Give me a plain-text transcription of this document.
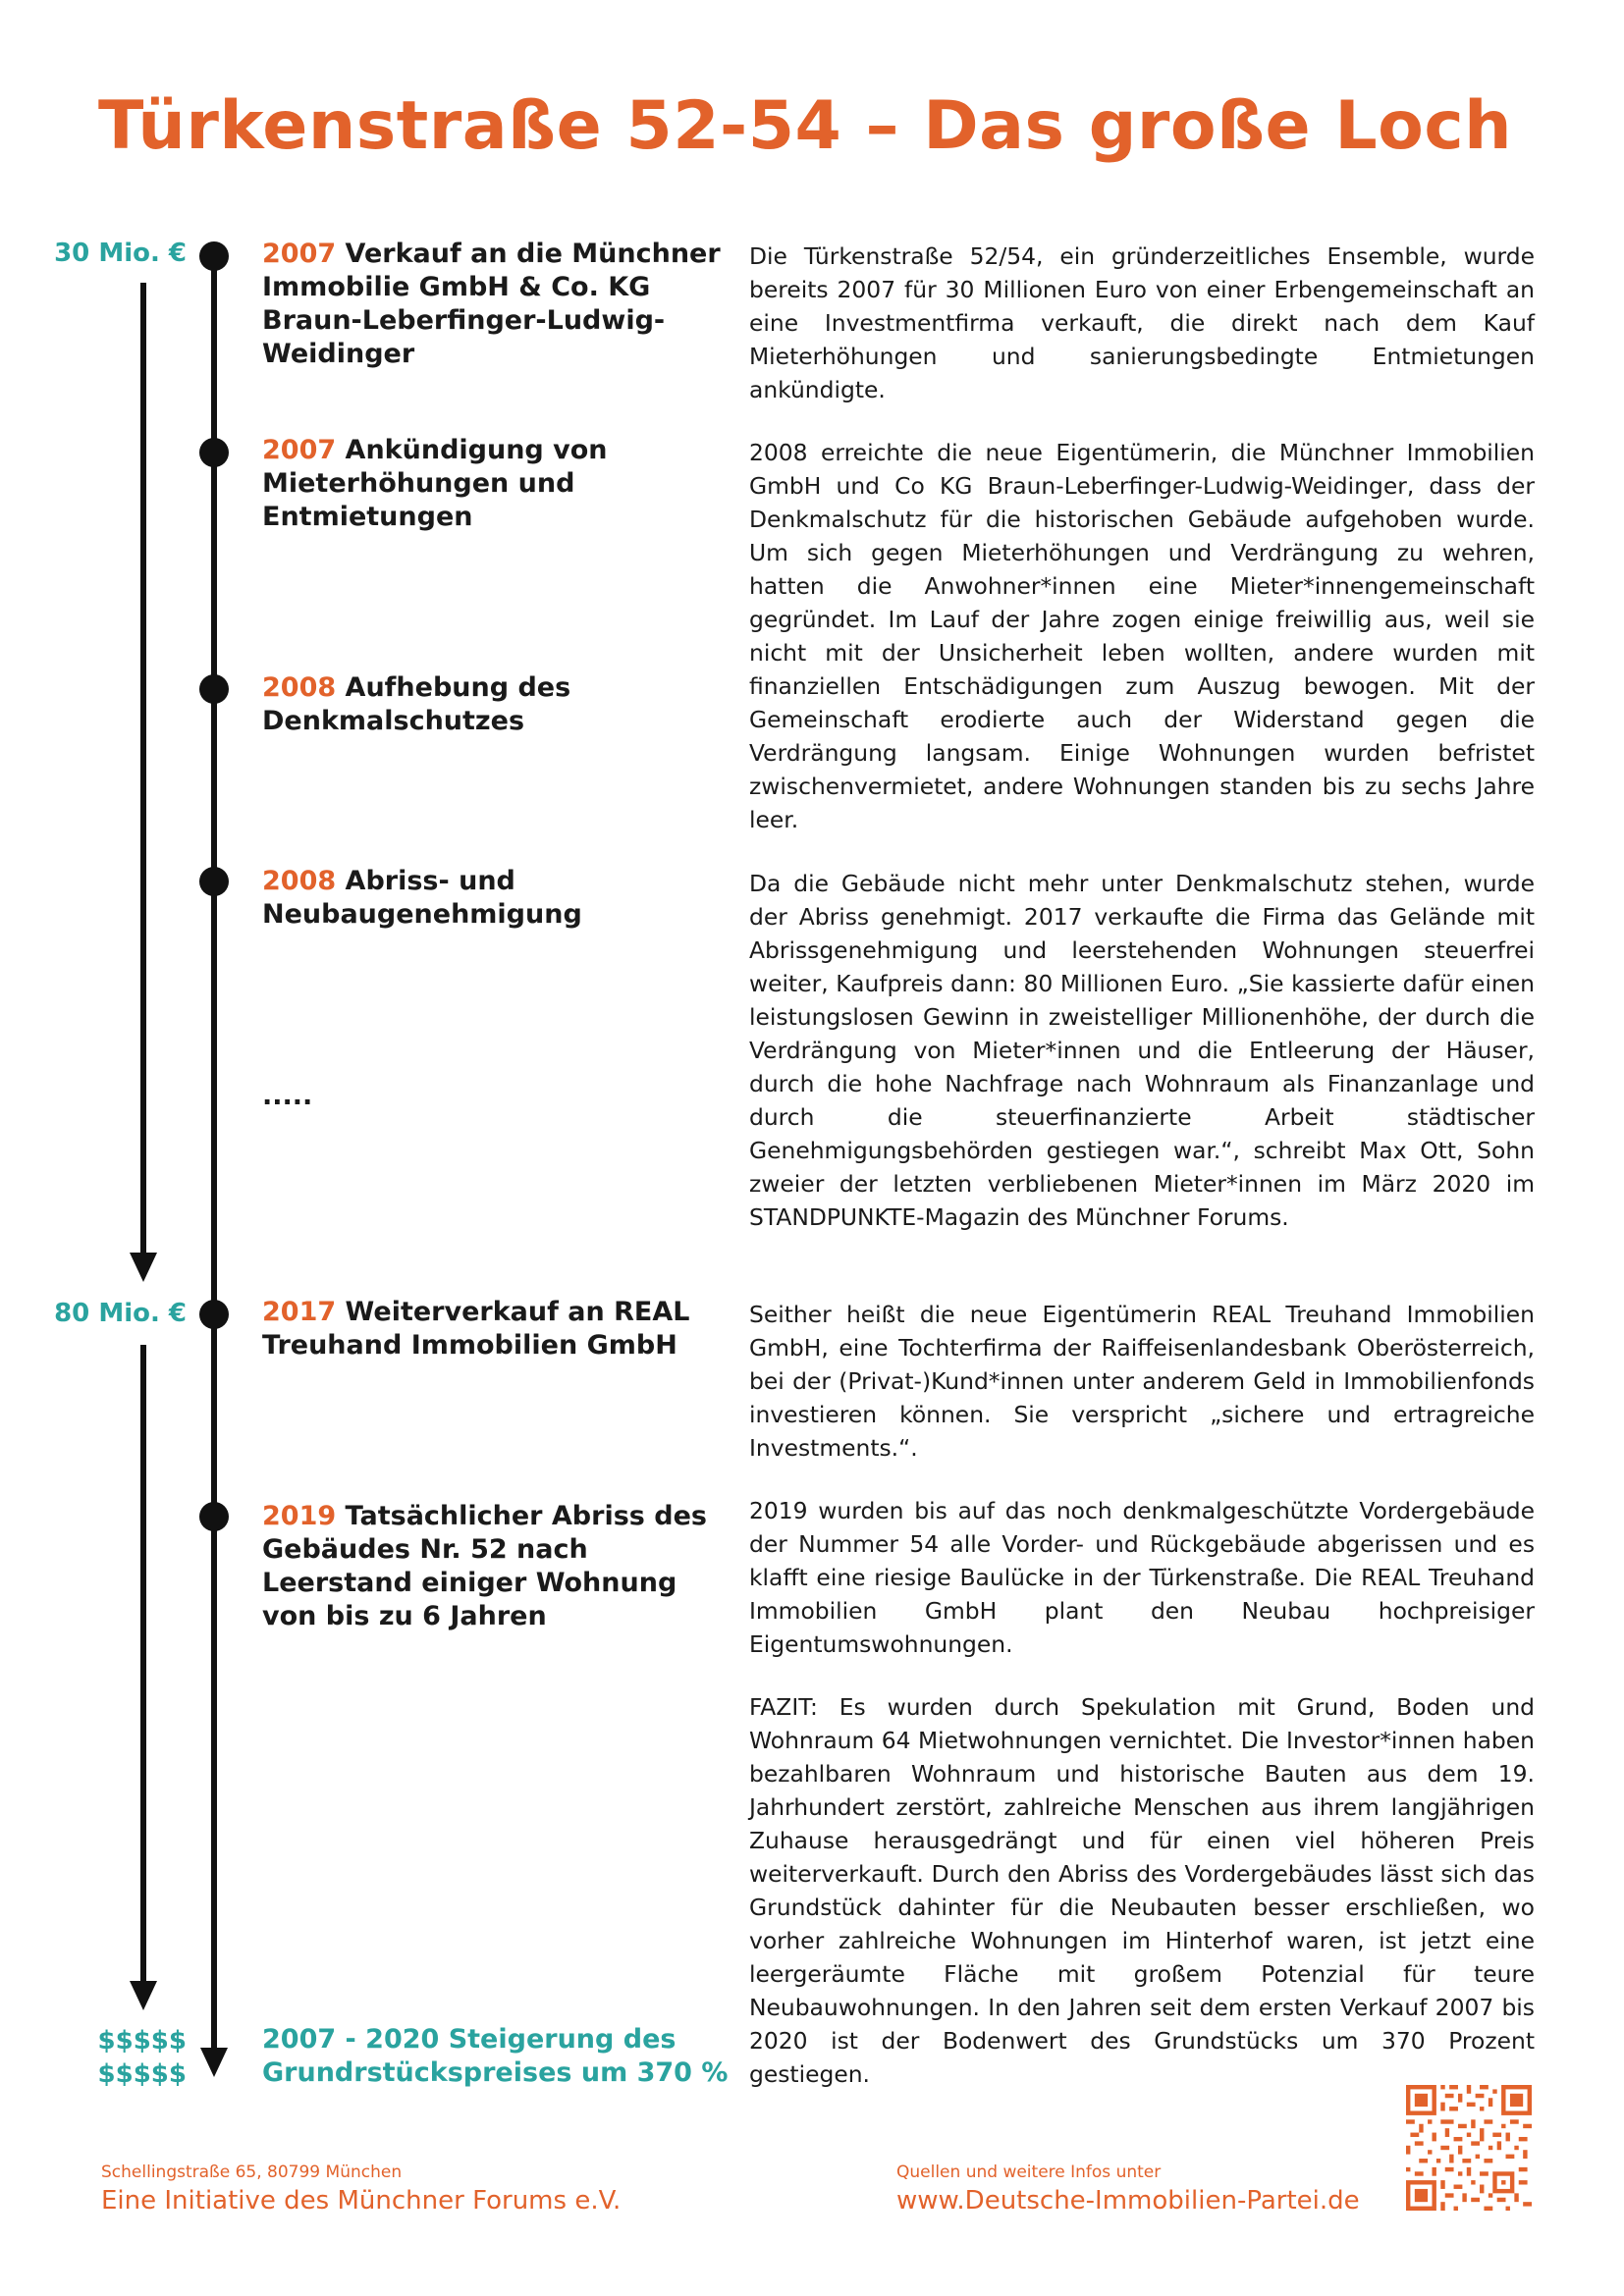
Türkenstraße 52-54 – Das große Loch
30 Mio. €
80 Mio. €
$$$$$
$$$$$
2007 Verkauf an die Münchner Immobilie GmbH & Co. KG Braun-Leberfinger-Ludwig-Weidinger
2007 Ankündigung von Mieterhöhungen und Entmietungen
2008 Aufhebung des Denkmalschutzes
2008 Abriss- und Neubaugenehmigung
.....
2017 Weiterverkauf an REAL Treuhand Immobilien GmbH
2019 Tatsächlicher Abriss des Gebäudes Nr. 52 nach Leerstand einiger Wohnung von bis zu 6 Jahren
2007 - 2020 Steigerung des Grundrstückspreises um 370 %

Die Türkenstraße 52/54, ein gründerzeitliches Ensemble, wurde bereits 2007 für 30 Millionen Euro von einer Erbengemeinschaft an eine Investmentfirma verkauft, die direkt nach dem Kauf Mieterhöhungen und sanierungsbedingte Entmietungen ankündigte.

2008 erreichte die neue Eigentümerin, die Münchner Immobilien GmbH und Co KG Braun-Leberfinger-Ludwig-Weidinger, dass der Denkmalschutz für die historischen Gebäude aufgehoben wurde. Um sich gegen Mieterhöhungen und Verdrängung zu wehren, hatten die Anwohner*innen eine Mieter*innengemeinschaft gegründet. Im Lauf der Jahre zogen einige freiwillig aus, weil sie nicht mit der Unsicherheit leben wollten, andere wurden mit finanziellen Entschädigungen zum Auszug bewogen. Mit der Gemeinschaft erodierte auch der Widerstand gegen die Verdrängung langsam. Einige Wohnungen wurden befristet zwischenvermietet, andere Wohnungen standen bis zu sechs Jahre leer.

Da die Gebäude nicht mehr unter Denkmalschutz stehen, wurde der Abriss genehmigt. 2017 verkaufte die Firma das Gelände mit Abrissgenehmigung und leerstehenden Wohnungen steuerfrei weiter, Kaufpreis dann: 80 Millionen Euro. „Sie kassierte dafür einen leistungslosen Gewinn in zweistelliger Millionenhöhe, der durch die Verdrängung von Mieter*innen und die Entleerung der Häuser, durch die hohe Nachfrage nach Wohnraum als Finanzanlage und durch die steuerfinanzierte Arbeit städtischer Genehmigungsbehörden gestiegen war.“, schreibt Max Ott, Sohn zweier der letzten verbliebenen Mieter*innen im März 2020 im STANDPUNKTE-Magazin des Münchner Forums.

Seither heißt die neue Eigentümerin REAL Treuhand Immobilien GmbH, eine Tochterfirma der Raiffeisenlandesbank Oberösterreich, bei der (Privat-)Kund*innen unter anderem Geld in Immobilienfonds investieren können. Sie verspricht „sichere und ertragreiche Investments.“.

2019 wurden bis auf das noch denkmalgeschützte Vordergebäude der Nummer 54 alle Vorder- und Rückgebäude abgerissen und es klafft eine riesige Baulücke in der Türkenstraße. Die REAL Treuhand Immobilien GmbH plant den Neubau hochpreisiger Eigentumswohnungen.

FAZIT: Es wurden durch Spekulation mit Grund, Boden und Wohnraum 64 Mietwohnungen vernichtet. Die Investor*innen haben bezahlbaren Wohnraum und historische Bauten aus dem 19. Jahrhundert zerstört, zahlreiche Menschen aus ihrem langjährigen Zuhause herausgedrängt und für einen viel höheren Preis weiterverkauft. Durch den Abriss des Vordergebäudes lässt sich das Grundstück dahinter für die Neubauten besser erschließen, wo vorher zahlreiche Wohnungen im Hinterhof waren, ist jetzt eine leergeräumte Fläche mit großem Potenzial für teure Neubauwohnungen. In den Jahren seit dem ersten Verkauf 2007 bis 2020 ist der Bodenwert des Grundstücks um 370 Prozent gestiegen.

Schellingstraße 65, 80799 München
Eine Initiative des Münchner Forums e.V.
Quellen und weitere Infos unter
www.Deutsche-Immobilien-Partei.de
